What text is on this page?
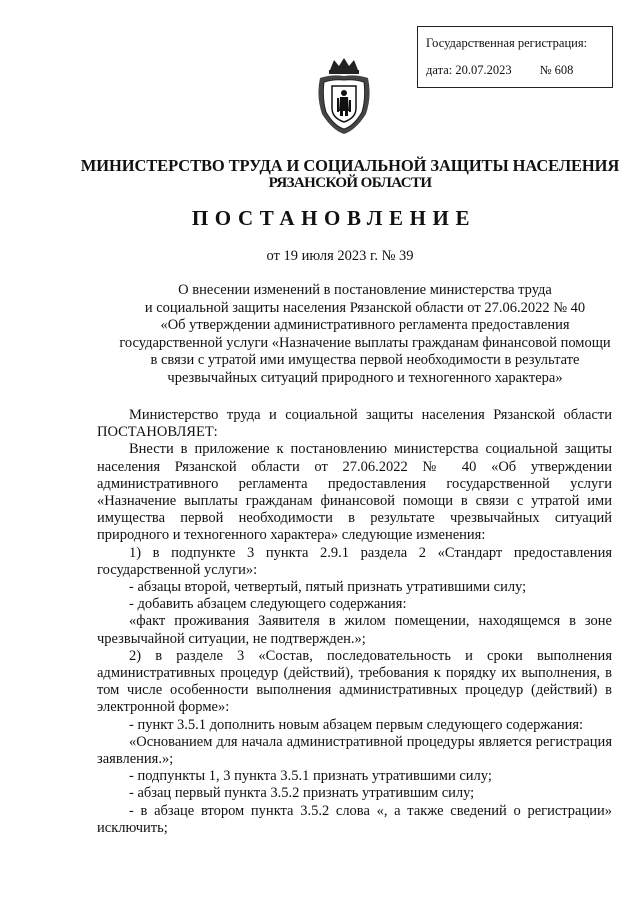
Государственная регистрация:
дата: 20.07.2023 № 608
МИНИСТЕРСТВО ТРУДА И СОЦИАЛЬНОЙ ЗАЩИТЫ НАСЕЛЕНИЯ
РЯЗАНСКОЙ ОБЛАСТИ
ПОСТАНОВЛЕНИЕ
от 19 июля 2023 г. № 39
О внесении изменений в постановление министерства труда
и социальной защиты населения Рязанской области от 27.06.2022 № 40
«Об утверждении административного регламента предоставления
государственной услуги «Назначение выплаты гражданам финансовой помощи
в связи с утратой ими имущества первой необходимости в результате
чрезвычайных ситуаций природного и техногенного характера»
Министерство труда и социальной защиты населения Рязанской области ПОСТАНОВЛЯЕТ:
Внести в приложение к постановлению министерства социальной защиты населения Рязанской области от 27.06.2022 № 40 «Об утверждении административного регламента предоставления государственной услуги «Назначение выплаты гражданам финансовой помощи в связи с утратой ими имущества первой необходимости в результате чрезвычайных ситуаций природного и техногенного характера» следующие изменения:
1) в подпункте 3 пункта 2.9.1 раздела 2 «Стандарт предоставления государственной услуги»:
- абзацы второй, четвертый, пятый признать утратившими силу;
- добавить абзацем следующего содержания:
«факт проживания Заявителя в жилом помещении, находящемся в зоне чрезвычайной ситуации, не подтвержден.»;
2) в разделе 3 «Состав, последовательность и сроки выполнения административных процедур (действий), требования к порядку их выполнения, в том числе особенности выполнения административных процедур (действий) в электронной форме»:
- пункт 3.5.1 дополнить новым абзацем первым следующего содержания:
«Основанием для начала административной процедуры является регистрация заявления.»;
- подпункты 1, 3 пункта 3.5.1 признать утратившими силу;
- абзац первый пункта 3.5.2 признать утратившим силу;
- в абзаце втором пункта 3.5.2 слова «, а также сведений о регистрации» исключить;
